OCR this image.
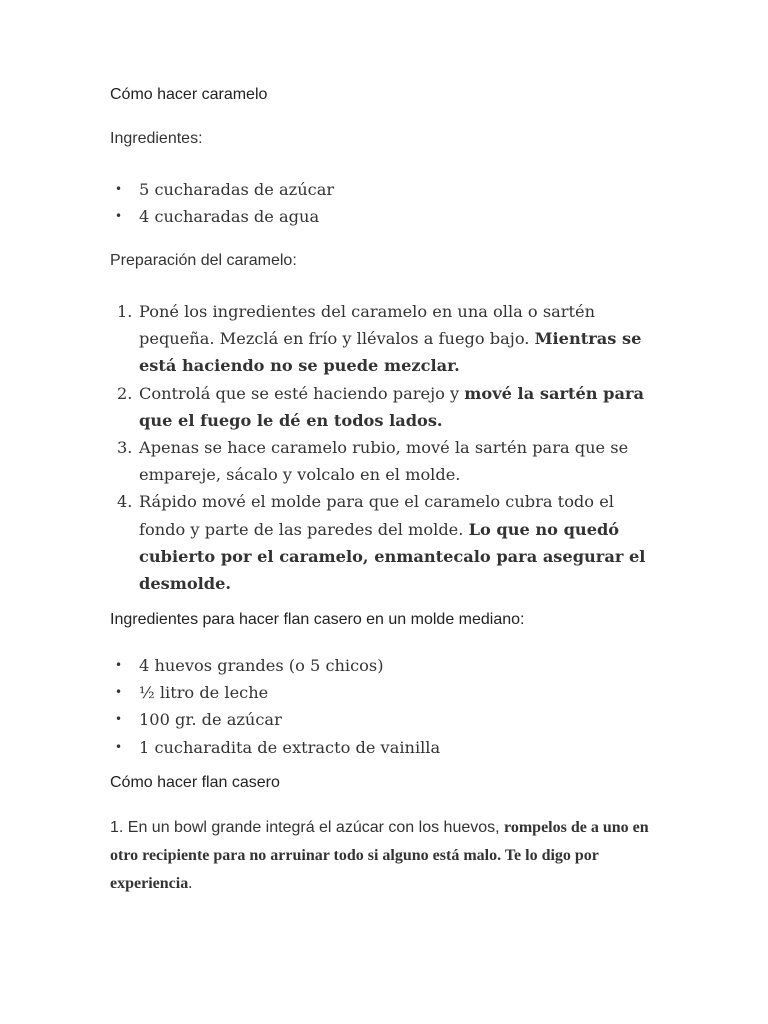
Cómo hacer caramelo
Ingredientes:
• 5 cucharadas de azúcar
• 4 cucharadas de agua
Preparación del caramelo:
1. Poné los ingredientes del caramelo en una olla o sartén pequeña. Mezclá en frío y llévalos a fuego bajo. Mientras se está haciendo no se puede mezclar.
2. Controlá que se esté haciendo parejo y mové la sartén para que el fuego le dé en todos lados.
3. Apenas se hace caramelo rubio, mové la sartén para que se empareje, sácalo y volcalo en el molde.
4. Rápido mové el molde para que el caramelo cubra todo el fondo y parte de las paredes del molde. Lo que no quedó cubierto por el caramelo, enmantecalo para asegurar el desmolde.
Ingredientes para hacer flan casero en un molde mediano:
• 4 huevos grandes (o 5 chicos)
• ½ litro de leche
• 100 gr. de azúcar
• 1 cucharadita de extracto de vainilla
Cómo hacer flan casero
1. En un bowl grande integrá el azúcar con los huevos, rompelos de a uno en otro recipiente para no arruinar todo si alguno está malo. Te lo digo por experiencia.
